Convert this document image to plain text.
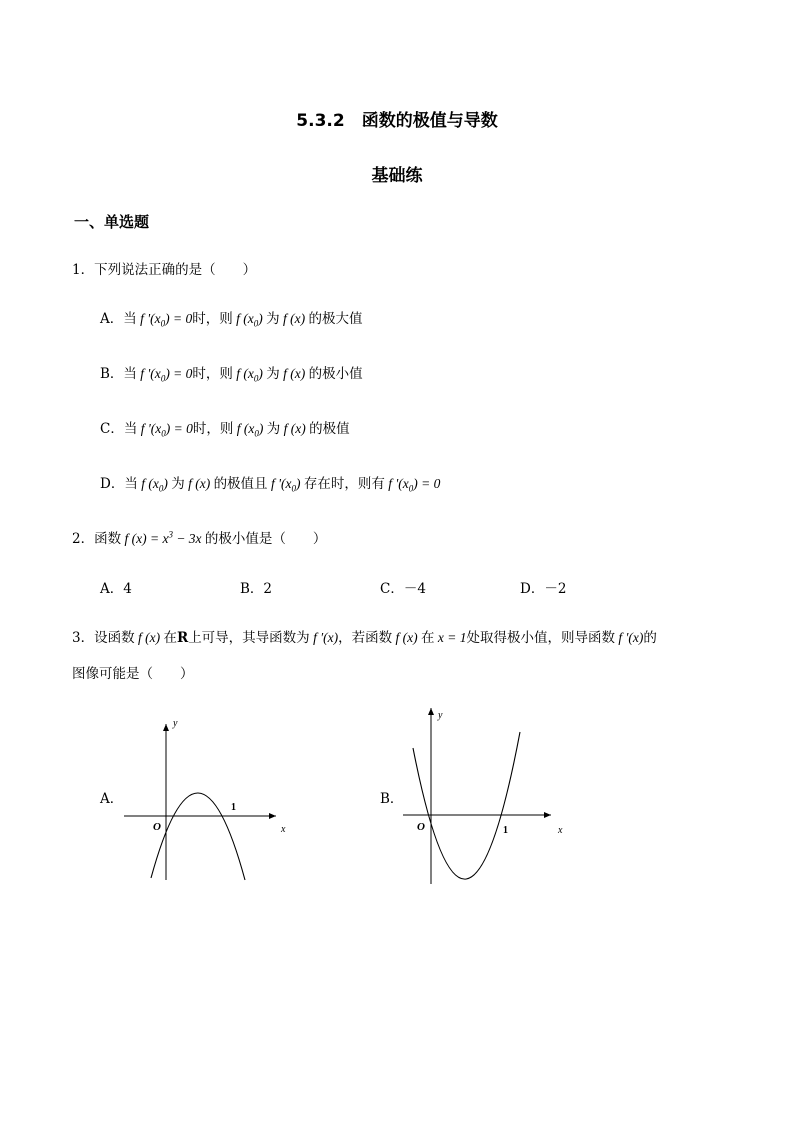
5.3.2　函数的极值与导数
基础练
一、单选题
1．下列说法正确的是（　　）
A．当 f '$(x_0) = 0$时，则 f $(x_0)$ 为 f (x) 的极大值
B．当 f '$(x_0) = 0$时，则 f $(x_0)$ 为 f (x) 的极小值
C．当 f '$(x_0) = 0$时，则 f $(x_0)$ 为 f (x) 的极值
D．当 f $(x_0)$ 为 f (x) 的极值且 f '$(x_0)$ 存在时，则有 f '$(x_0) = 0$
2．函数 f $(x) = x^3 - 3x$ 的极小值是（　　）
A．4	B．2	C．－4	D．－2
3．设函数 f (x) 在R上可导，其导函数为 f ′(x)，若函数 f (x) 在 x = 1处取得极小值，则导函数 f ′(x)的
图像可能是（　　）
A．
y
x
O
1
B．
y
x
O	1
